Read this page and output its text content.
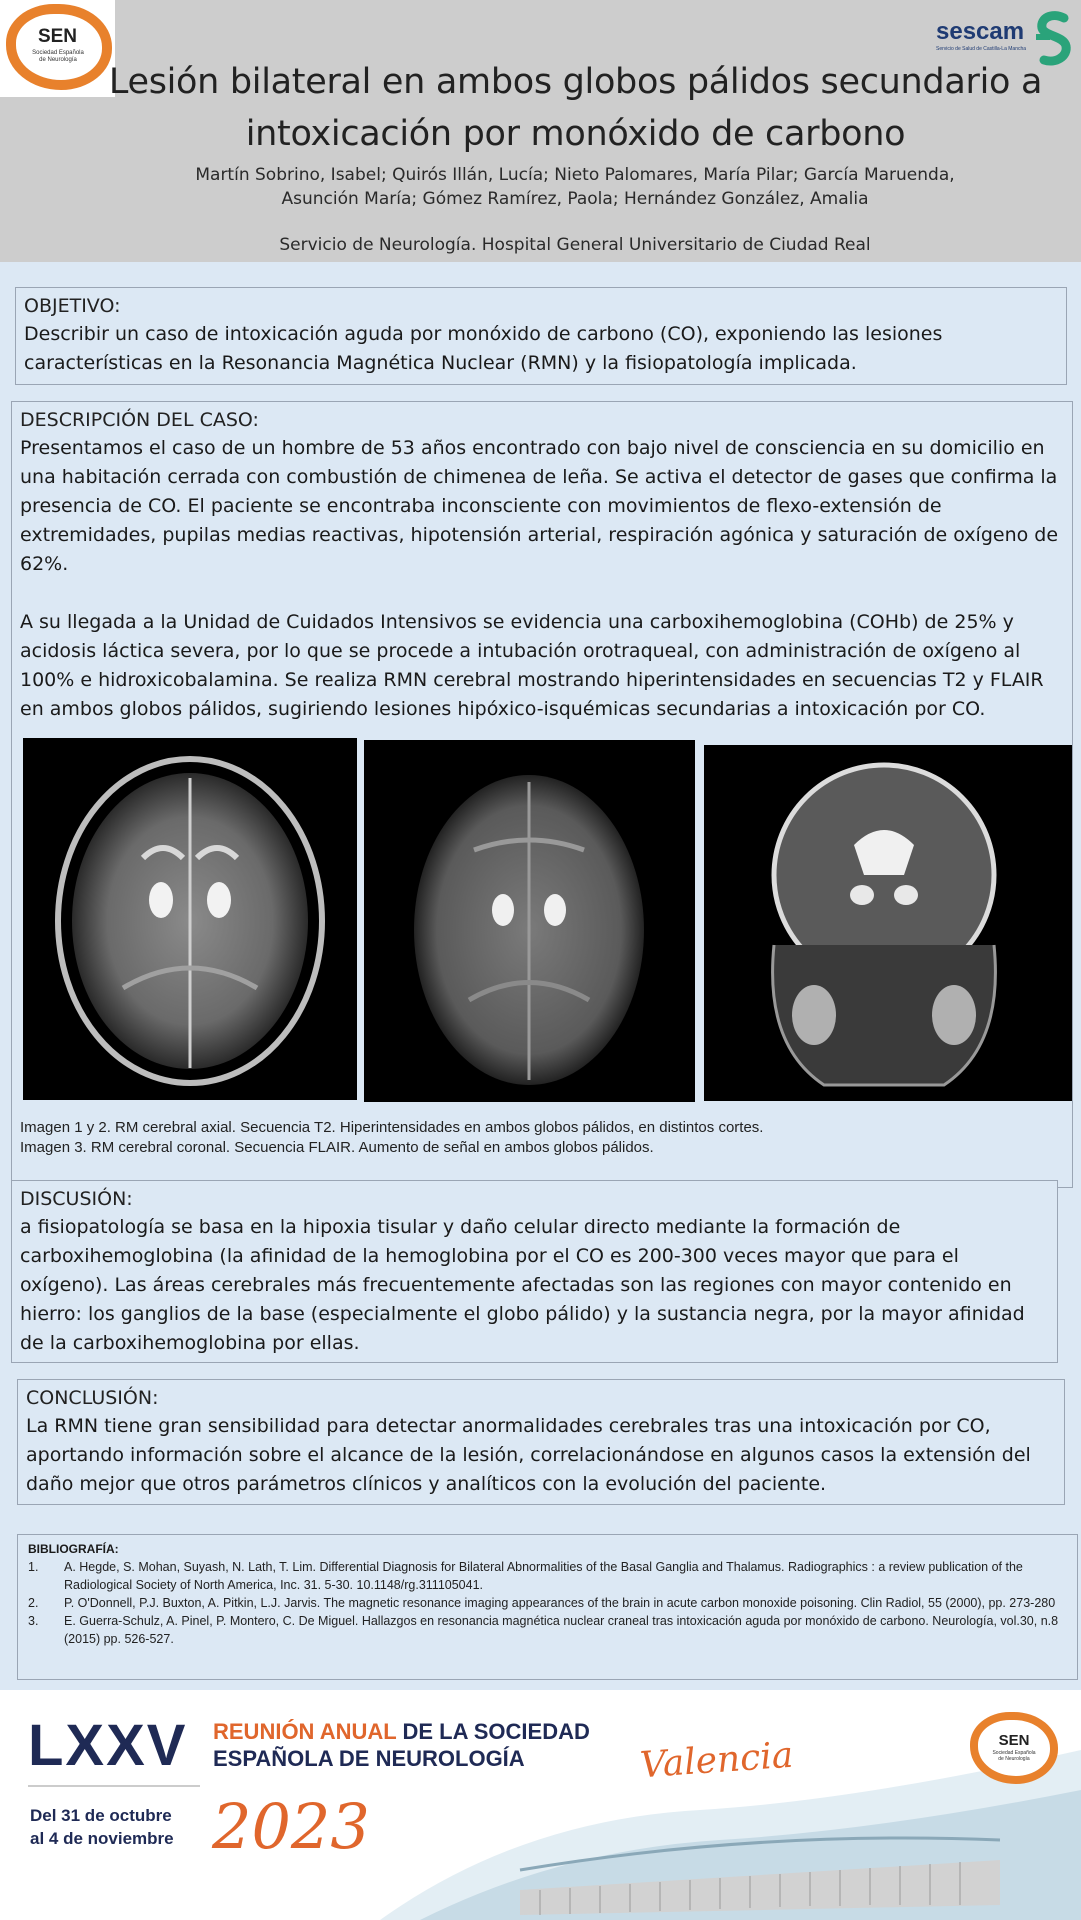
SEN
Sociedad Española de Neurología
sescam
Servicio de Salud de Castilla-La Mancha
Lesión bilateral en ambos globos pálidos secundario a
intoxicación por monóxido de carbono
Martín Sobrino, Isabel; Quirós Illán, Lucía; Nieto Palomares, María Pilar; García Maruenda,
Asunción María; Gómez Ramírez, Paola; Hernández González, Amalia
Servicio de Neurología. Hospital General Universitario de Ciudad Real
OBJETIVO:
Describir un caso de intoxicación aguda por monóxido de carbono (CO), exponiendo las lesiones características en la Resonancia Magnética Nuclear (RMN) y la fisiopatología implicada.
DESCRIPCIÓN DEL CASO:
Presentamos el caso de un hombre de 53 años encontrado con bajo nivel de consciencia en su domicilio en una habitación cerrada con combustión de chimenea de leña. Se activa el detector de gases que confirma la presencia de CO. El paciente se encontraba inconsciente con movimientos de flexo-extensión de extremidades, pupilas medias reactivas, hipotensión arterial, respiración agónica y saturación de oxígeno de 62%.
A su llegada a la Unidad de Cuidados Intensivos se evidencia una carboxihemoglobina (COHb) de 25% y acidosis láctica severa, por lo que se procede a intubación orotraqueal, con administración de oxígeno al 100% e hidroxicobalamina. Se realiza RMN cerebral mostrando hiperintensidades en secuencias T2 y FLAIR en ambos globos pálidos, sugiriendo lesiones hipóxico-isquémicas secundarias a intoxicación por CO.
Imagen 1 y 2. RM cerebral axial. Secuencia T2. Hiperintensidades en ambos globos pálidos, en distintos cortes.
Imagen 3. RM cerebral coronal. Secuencia FLAIR. Aumento de señal en ambos globos pálidos.
DISCUSIÓN:
a fisiopatología se basa en la hipoxia tisular y daño celular directo mediante la formación de carboxihemoglobina (la afinidad de la hemoglobina por el CO es 200-300 veces mayor que para el oxígeno). Las áreas cerebrales más frecuentemente afectadas son las regiones con mayor contenido en hierro: los ganglios de la base (especialmente el globo pálido) y la sustancia negra, por la mayor afinidad de la carboxihemoglobina por ellas.
CONCLUSIÓN:
La RMN tiene gran sensibilidad para detectar anormalidades cerebrales tras una intoxicación por CO, aportando información sobre el alcance de la lesión, correlacionándose en algunos casos la extensión del daño mejor que otros parámetros clínicos y analíticos con la evolución del paciente.
BIBLIOGRAFÍA:
1. A. Hegde, S. Mohan, Suyash, N. Lath, T. Lim. Differential Diagnosis for Bilateral Abnormalities of the Basal Ganglia and Thalamus. Radiographics : a review publication of the Radiological Society of North America, Inc. 31. 5-30. 10.1148/rg.311105041.
2. P. O'Donnell, P.J. Buxton, A. Pitkin, L.J. Jarvis. The magnetic resonance imaging appearances of the brain in acute carbon monoxide poisoning. Clin Radiol, 55 (2000), pp. 273-280
3. E. Guerra-Schulz, A. Pinel, P. Montero, C. De Miguel. Hallazgos en resonancia magnética nuclear craneal tras intoxicación aguda por monóxido de carbono. Neurología, vol.30, n.8 (2015) pp. 526-527.
LXXV REUNIÓN ANUAL DE LA SOCIEDAD
ESPAÑOLA DE NEUROLOGÍA
Del 31 de octubre
al 4 de noviembre 2023
Valencia	SEN
Sociedad Española de Neurología
